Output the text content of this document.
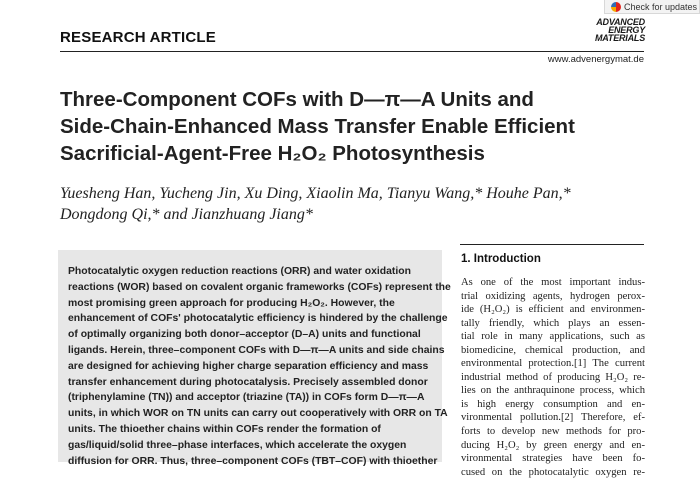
Check for updates
RESEARCH ARTICLE
ADVANCED
ENERGY
MATERIALS
www.advenergymat.de
Three-Component COFs with D—π—A Units and
Side-Chain-Enhanced Mass Transfer Enable Efficient
Sacrificial-Agent-Free H₂O₂ Photosynthesis
Yuesheng Han, Yucheng Jin, Xu Ding, Xiaolin Ma, Tianyu Wang,* Houhe Pan,*
Dongdong Qi,* and Jianzhuang Jiang*
Photocatalytic oxygen reduction reactions (ORR) and water oxidation
reactions (WOR) based on covalent organic frameworks (COFs) represent the
most promising green approach for producing H₂O₂. However, the
enhancement of COFs' photocatalytic efficiency is hindered by the challenge
of optimally organizing both donor–acceptor (D–A) units and functional
ligands. Herein, three–component COFs with D—π—A units and side chains
are designed for achieving higher charge separation efficiency and mass
transfer enhancement during photocatalysis. Precisely assembled donor
(triphenylamine (TN)) and acceptor (triazine (TA)) in COFs form D—π—A
units, in which WOR on TN units can carry out cooperatively with ORR on TA
units. The thioether chains within COFs render the formation of
gas/liquid/solid three–phase interfaces, which accelerate the oxygen
diffusion for ORR. Thus, three–component COFs (TBT–COF) with thioether
1. Introduction
As one of the most important indus-
trial oxidizing agents, hydrogen perox-
ide (H₂O₂) is efficient and environmen-
tally friendly, which plays an essen-
tial role in many applications, such as
biomedicine, chemical production, and
environmental protection.[1] The current
industrial method of producing H₂O₂ re-
lies on the anthraquinone process, which
is high energy consumption and en-
vironmental pollution.[2] Therefore, ef-
forts to develop new methods for pro-
ducing H₂O₂ by green energy and en-
vironmental strategies have been fo-
cused on the photocatalytic oxygen re-
